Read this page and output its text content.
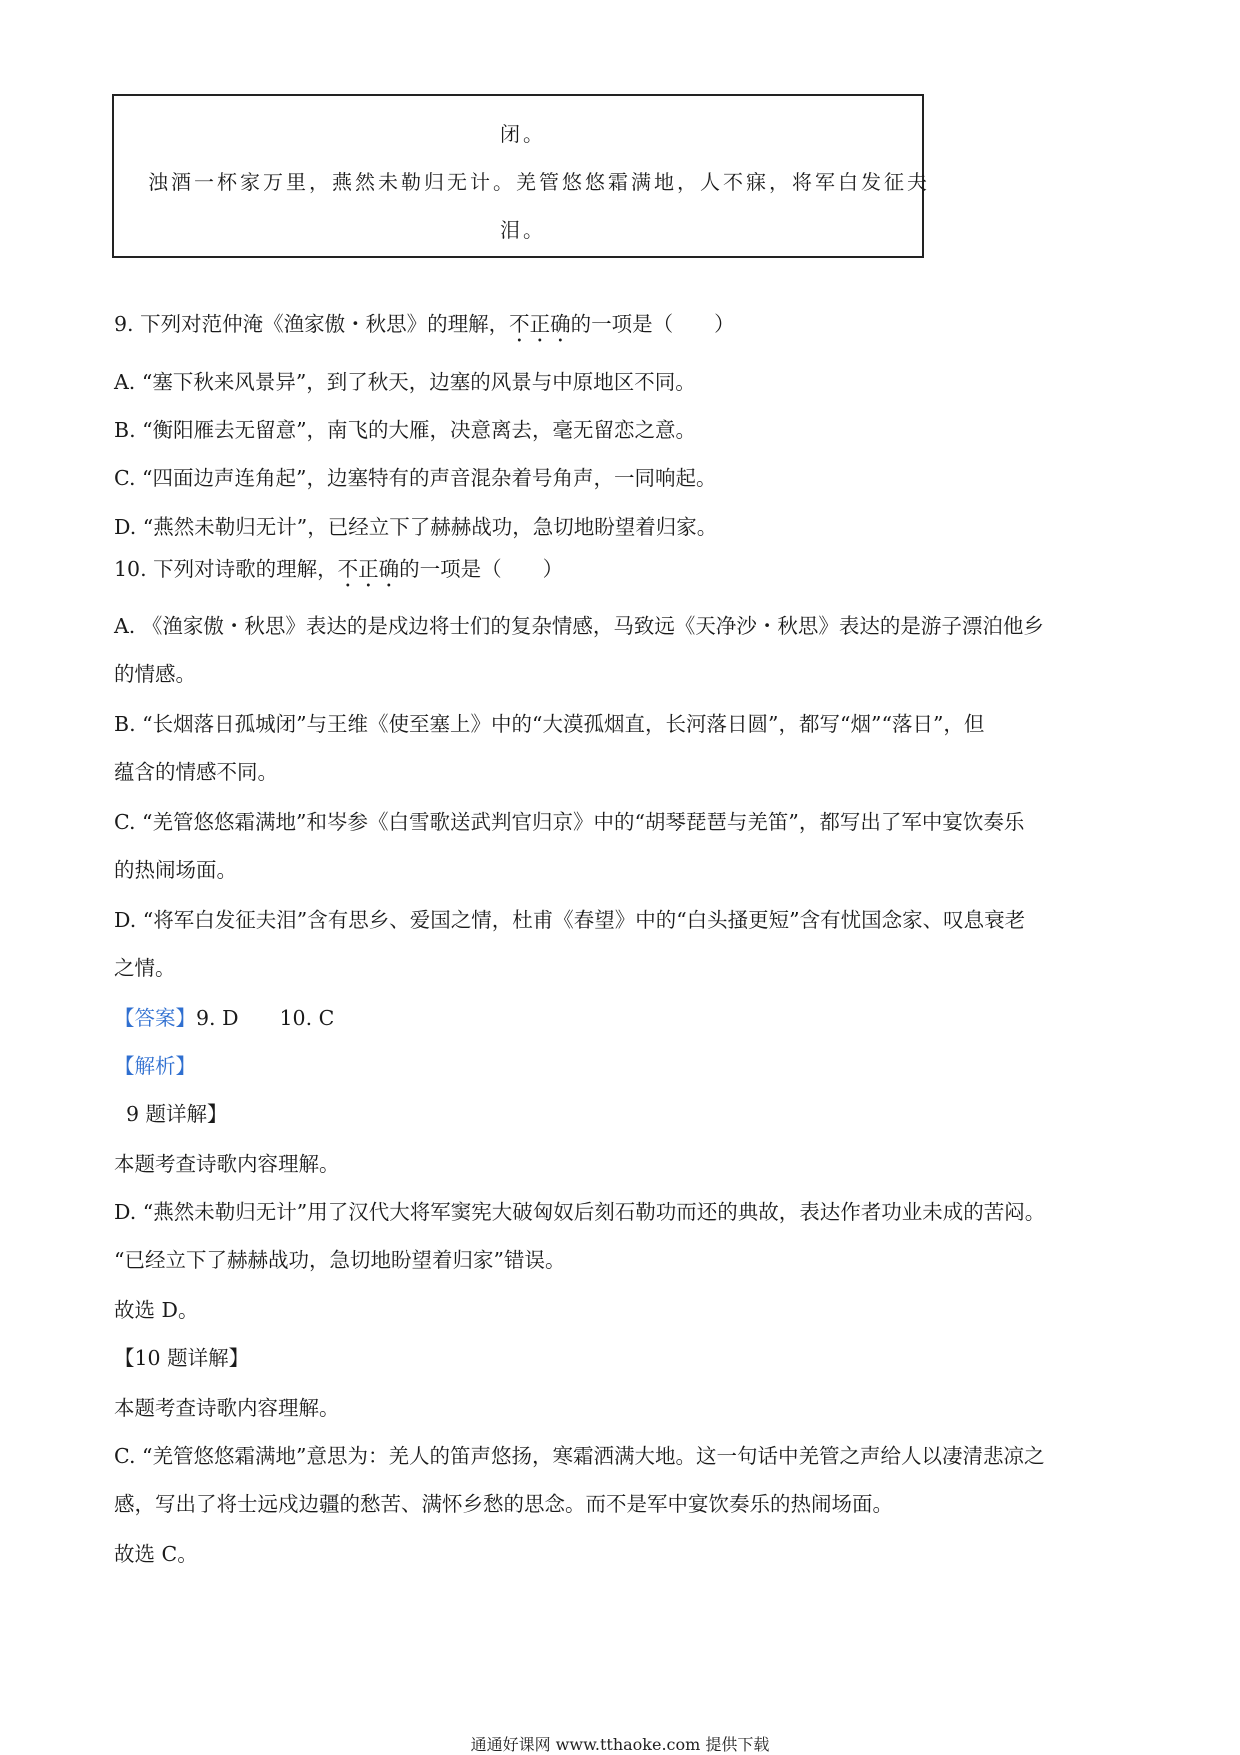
闭。
浊酒一杯家万里，燕然未勒归无计。羌管悠悠霜满地，人不寐，将军白发征夫
泪。
9. 下列对范仲淹《渔家傲・秋思》的理解，不正确的一项是（　　）
A. “塞下秋来风景异”，到了秋天，边塞的风景与中原地区不同。
B. “衡阳雁去无留意”，南飞的大雁，决意离去，毫无留恋之意。
C. “四面边声连角起”，边塞特有的声音混杂着号角声，一同响起。
D. “燕然未勒归无计”，已经立下了赫赫战功，急切地盼望着归家。
10. 下列对诗歌的理解，不正确的一项是（　　）
A. 《渔家傲・秋思》表达的是戍边将士们的复杂情感，马致远《天净沙・秋思》表达的是游子漂泊他乡
的情感。
B. “长烟落日孤城闭”与王维《使至塞上》中的“大漠孤烟直，长河落日圆”，都写“烟”“落日”，但
蕴含的情感不同。
C. “羌管悠悠霜满地”和岑参《白雪歌送武判官归京》中的“胡琴琵琶与羌笛”，都写出了军中宴饮奏乐
的热闹场面。
D. “将军白发征夫泪”含有思乡、爱国之情，杜甫《春望》中的“白头搔更短”含有忧国念家、叹息衰老
之情。
【答案】9. D　　10. C
【解析】
9 题详解】
本题考查诗歌内容理解。
D. “燕然未勒归无计”用了汉代大将军窦宪大破匈奴后刻石勒功而还的典故，表达作者功业未成的苦闷。
“已经立下了赫赫战功，急切地盼望着归家”错误。
故选 D。
【10 题详解】
本题考查诗歌内容理解。
C. “羌管悠悠霜满地”意思为：羌人的笛声悠扬，寒霜洒满大地。这一句话中羌管之声给人以凄清悲凉之
感，写出了将士远戍边疆的愁苦、满怀乡愁的思念。而不是军中宴饮奏乐的热闹场面。
故选 C。
通通好课网 www.tthaoke.com 提供下载
